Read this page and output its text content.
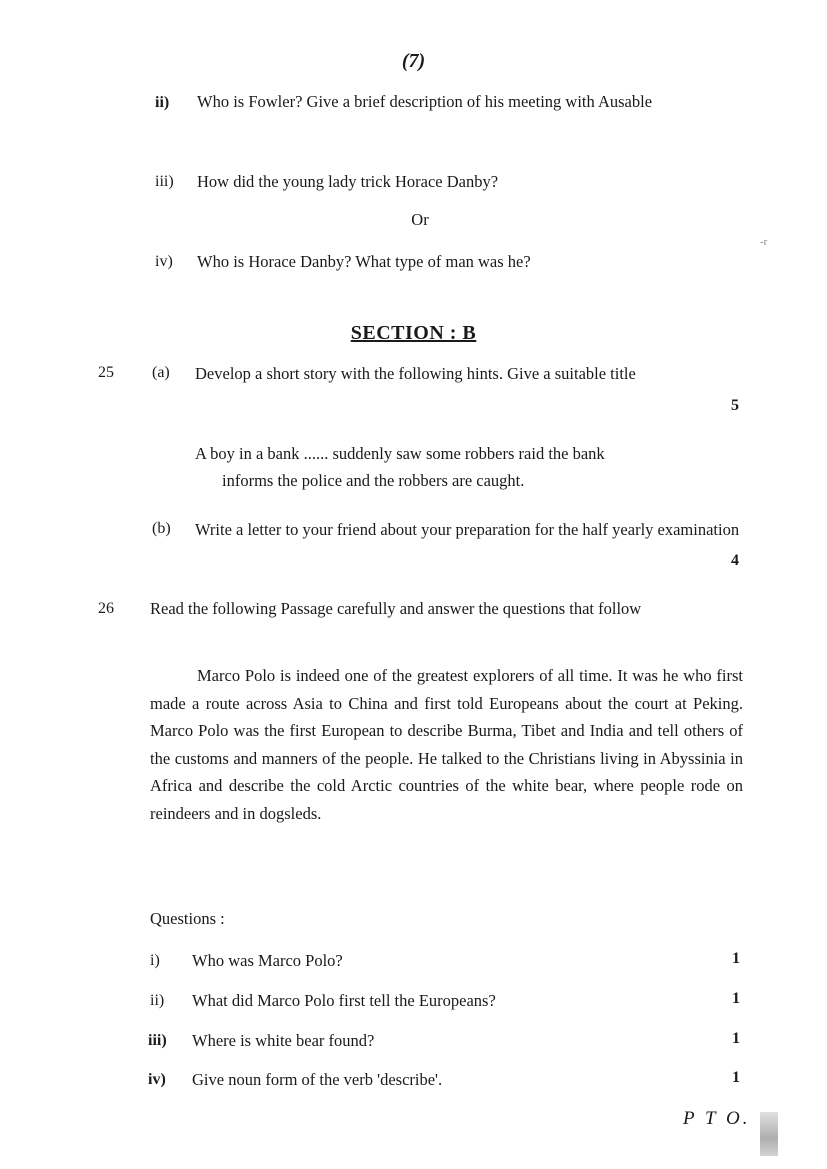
(7)
ii) Who is Fowler? Give a brief description of his meeting with Ausable
iii) How did the young lady trick Horace Danby?
Or
iv) Who is Horace Danby? What type of man was he?
-r
SECTION : B
25 (a) Develop a short story with the following hints. Give a suitable title
5
A boy in a bank ...... suddenly saw some robbers raid the bank
informs the police and the robbers are caught.
(b) Write a letter to your friend about your preparation for the half yearly examination
4
26 Read the following Passage carefully and answer the questions that follow
Marco Polo is indeed one of the greatest explorers of all time. It was he who first made a route across Asia to China and first told Europeans about the court at Peking. Marco Polo was the first European to describe Burma, Tibet and India and tell others of the customs and manners of the people. He talked to the Christians living in Abyssinia in Africa and describe the cold Arctic countries of the white bear, where people rode on reindeers and in dogsleds.
Questions :
i) Who was Marco Polo?	1
ii) What did Marco Polo first tell the Europeans?	1
iii) Where is white bear found?	1
iv) Give noun form of the verb 'describe'.	1
P T O.
